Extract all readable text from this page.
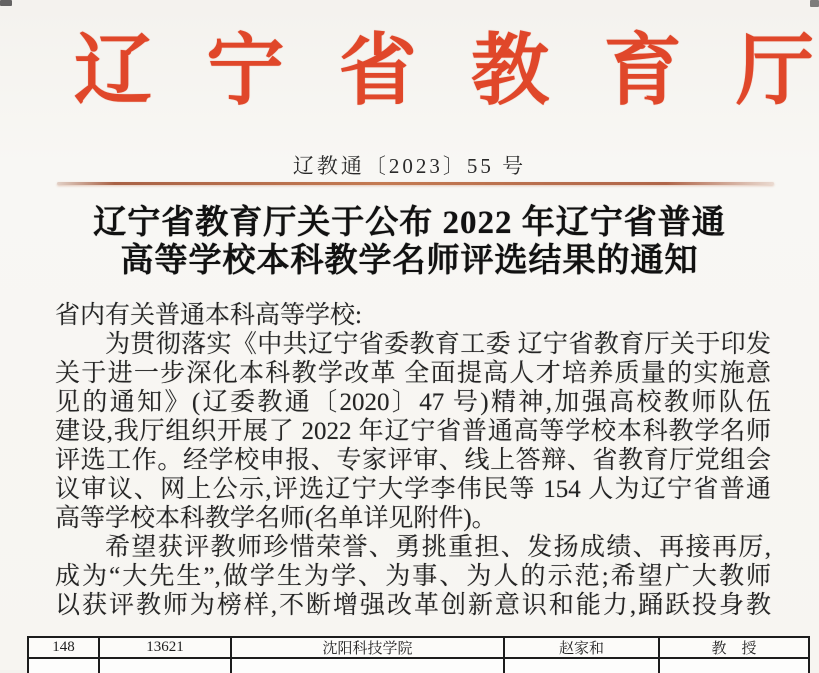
辽 宁 省 教 育 厅
辽教通〔2023〕55 号
辽宁省教育厅关于公布 2022 年辽宁省普通
高等学校本科教学名师评选结果的通知
省内有关普通本科高等学校:
为贯彻落实《中共辽宁省委教育工委 辽宁省教育厅关于印发
关于进一步深化本科教学改革 全面提高人才培养质量的实施意
见的通知》(辽委教通〔2020〕47 号)精神,加强高校教师队伍
建设,我厅组织开展了 2022 年辽宁省普通高等学校本科教学名师
评选工作。经学校申报、专家评审、线上答辩、省教育厅党组会
议审议、网上公示,评选辽宁大学李伟民等 154 人为辽宁省普通
高等学校本科教学名师(名单详见附件)。
希望获评教师珍惜荣誉、勇挑重担、发扬成绩、再接再厉,
成为“大先生”,做学生为学、为事、为人的示范;希望广大教师
以获评教师为榜样,不断增强改革创新意识和能力,踊跃投身教
148	13621	沈阳科技学院	赵家和	教　授
